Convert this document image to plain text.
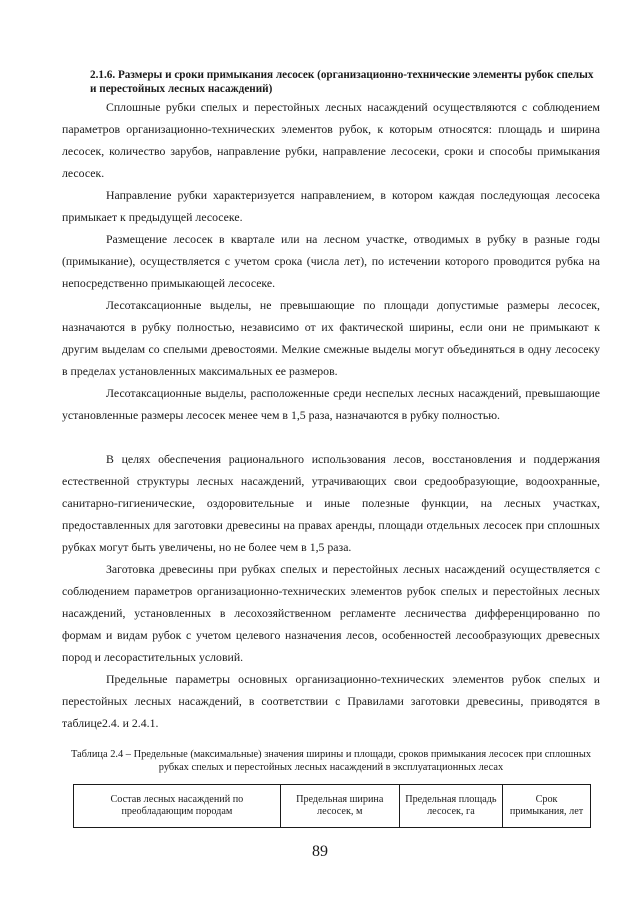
2.1.6. Размеры и сроки примыкания лесосек (организационно-технические элементы рубок спелых и перестойных лесных насаждений)

Сплошные рубки спелых и перестойных лесных насаждений осуществляются с соблюдением параметров организационно-технических элементов рубок, к которым относятся: площадь и ширина лесосек, количество зарубов, направление рубки, направление лесосеки, сроки и способы примыкания лесосек.

Направление рубки характеризуется направлением, в котором каждая последующая лесосека примыкает к предыдущей лесосеке.

Размещение лесосек в квартале или на лесном участке, отводимых в рубку в разные годы (примыкание), осуществляется с учетом срока (числа лет), по истечении которого проводится рубка на непосредственно примыкающей лесосеке.

Лесотаксационные выделы, не превышающие по площади допустимые размеры лесосек, назначаются в рубку полностью, независимо от их фактической ширины, если они не примыкают к другим выделам со спелыми древостоями. Мелкие смежные выделы могут объединяться в одну лесосеку в пределах установленных максимальных ее размеров.

Лесотаксационные выделы, расположенные среди неспелых лесных насаждений, превышающие установленные размеры лесосек менее чем в 1,5 раза, назначаются в рубку полностью.

В целях обеспечения рационального использования лесов, восстановления и поддержания естественной структуры лесных насаждений, утрачивающих свои средообразующие, водоохранные, санитарно-гигиенические, оздоровительные и иные полезные функции, на лесных участках, предоставленных для заготовки древесины на правах аренды, площади отдельных лесосек при сплошных рубках могут быть увеличены, но не более чем в 1,5 раза.

Заготовка древесины при рубках спелых и перестойных лесных насаждений осуществляется с соблюдением параметров организационно-технических элементов рубок спелых и перестойных лесных насаждений, установленных в лесохозяйственном регламенте лесничества дифференцированно по формам и видам рубок с учетом целевого назначения лесов, особенностей лесообразующих древесных пород и лесорастительных условий.

Предельные параметры основных организационно-технических элементов рубок спелых и перестойных лесных насаждений, в соответствии с Правилами заготовки древесины, приводятся в таблице2.4. и 2.4.1.

Таблица 2.4 – Предельные (максимальные) значения ширины и площади, сроков примыкания лесосек при сплошных рубках спелых и перестойных лесных насаждений в эксплуатационных лесах
Состав лесных насаждений по преобладающим породам	Предельная ширина лесосек, м	Предельная площадь лесосек, га	Срок примыкания, лет
89
